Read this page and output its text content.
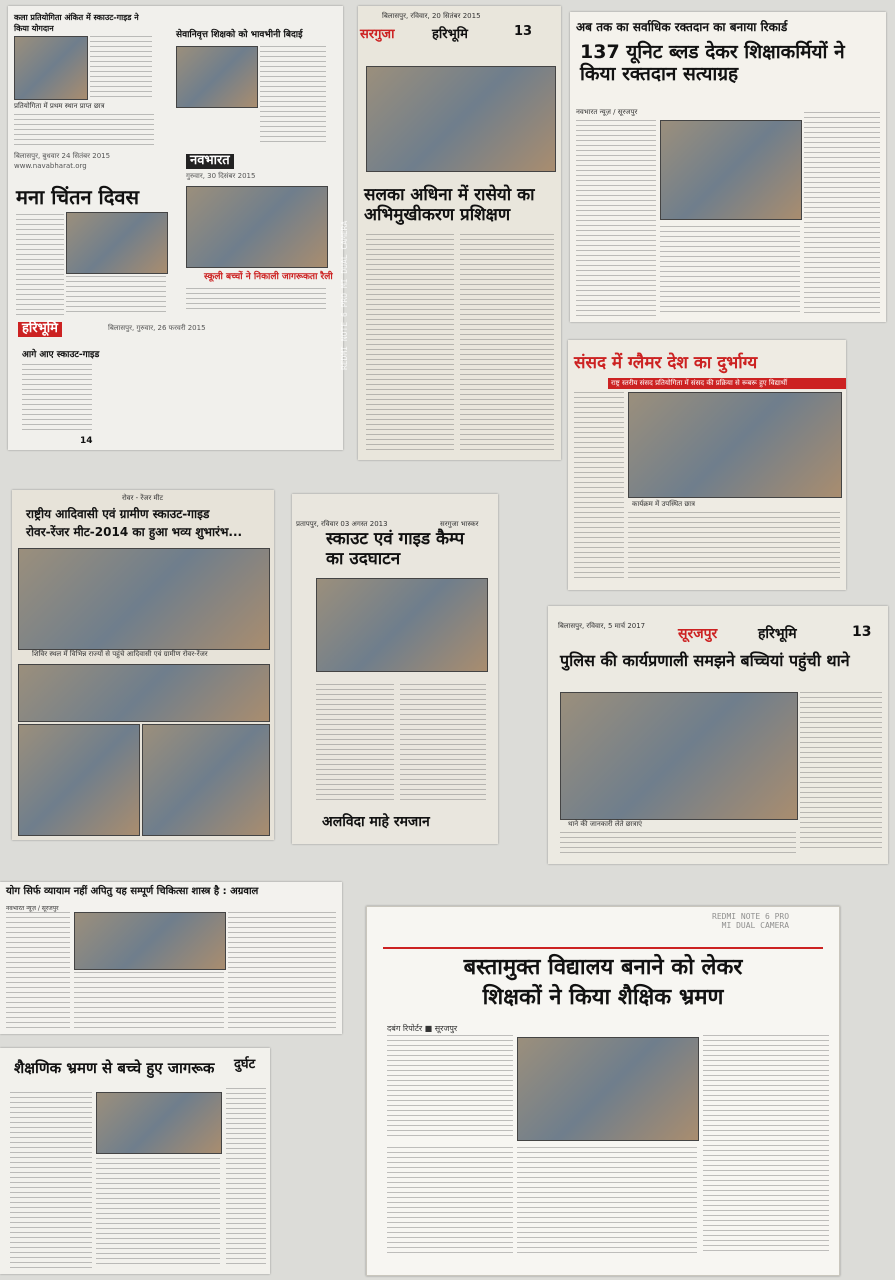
कला प्रतियोगिता अंकित में स्काउट-गाइड ने किया योगदान
प्रतियोगिता में प्रथम स्थान प्राप्त छात्र
बिलासपुर, बुधवार 24 सितंबर 2015
www.navabharat.org
सेवानिवृत्त शिक्षको को भावभीनी बिदाई
नवभारत
गुरुवार, 30 दिसंबर 2015
मना चिंतन दिवस
स्कूली बच्चों ने निकाली जागरूकता रैली
बिलासपुर, गुरुवार, 26 फरवरी 2015
हरिभूमि
आगे आए स्काउट-गाइड
14
REDMI NOTE 6 PRO MI DUAL CAMERA
बिलासपुर, रविवार, 20 सितंबर 2015
सरगुजा	हरिभूमि	13
सलका अधिना में रासेयो का अभिमुखीकरण प्रशिक्षण
अब तक का सर्वाधिक रक्तदान का बनाया रिकार्ड
137 यूनिट ब्लड देकर शिक्षाकर्मियों ने किया रक्तदान सत्याग्रह
नवभारत न्यूज़ / सूरजपुर
संसद में ग्लैमर देश का दुर्भाग्य
राष्ट्र स्तरीय संसद प्रतियोगिता में संसद की प्रक्रिया से रूबरू हुए विद्यार्थी
कार्यक्रम में उपस्थित छात्र
रोवर - रेंजर मीट
राष्ट्रीय आदिवासी एवं ग्रामीण स्काउट-गाइड
रोवर-रेंजर मीट-2014 का हुआ भव्य शुभारंभ...
शिविर स्थल में विभिन्न राज्यों से पहुंचे आदिवासी एवं ग्रामीण रोवर-रेंजर
प्रतापपुर, रविवार 03 अगस्त 2013	सरगुजा भास्कर
स्काउट एवं गाइड कैम्प का उदघाटन
अलविदा माहे रमजान
बिलासपुर, रविवार, 5 मार्च 2017 सूरजपुर	हरिभूमि	13
पुलिस की कार्यप्रणाली समझने बच्चियां पहुंची थाने
थाने की जानकारी लेते छात्राएं
योग सिर्फ व्यायाम नहीं अपितु यह सम्पूर्ण चिकित्सा शास्त्र है : अग्रवाल
नवभारत न्यूज़ / सूरजपुर
शैक्षणिक भ्रमण से बच्चे हुए जागरूक दुर्घट
बस्तामुक्त विद्यालय बनाने को लेकर
शिक्षकों ने किया शैक्षिक भ्रमण
दबंग रिपोर्टर ■ सूरजपुर
REDMI NOTE 6 PRO
MI DUAL CAMERA
